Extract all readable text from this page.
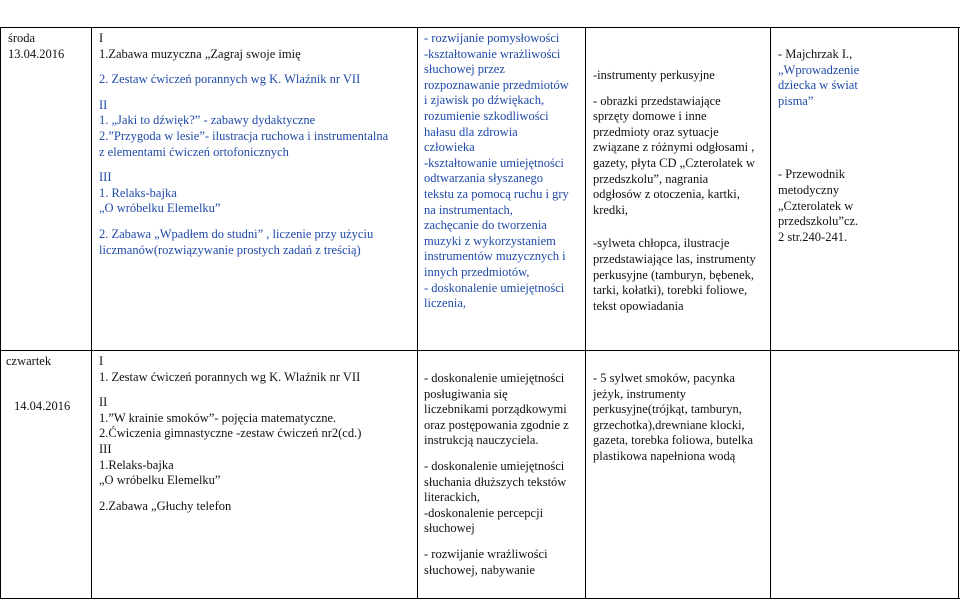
środa
13.04.2016
I
1.Zabawa muzyczna „Zagraj swoje imię
2. Zestaw ćwiczeń porannych wg K. Wlaźnik nr VII
II
1. „Jaki to dźwięk?” - zabawy dydaktyczne
2.”Przygoda w lesie”- ilustracja ruchowa i instrumentalna
z elementami ćwiczeń ortofonicznych
III
1. Relaks-bajka
„O wróbelku Elemelku”
2. Zabawa „Wpadłem do studni” , liczenie przy użyciu
liczmanów(rozwiązywanie prostych zadań z treścią)
- rozwijanie pomysłowości
-kształtowanie wrażliwości
słuchowej przez
rozpoznawanie przedmiotów
i zjawisk po dźwiękach,
rozumienie szkodliwości
hałasu dla zdrowia
człowieka
-kształtowanie umiejętności
odtwarzania słyszanego
tekstu za pomocą ruchu i gry
na instrumentach,
zachęcanie do tworzenia
muzyki z wykorzystaniem
instrumentów muzycznych i
innych przedmiotów,
- doskonalenie umiejętności
liczenia,
-instrumenty perkusyjne
- obrazki przedstawiające
sprzęty domowe i inne
przedmioty oraz sytuacje
związane z różnymi odgłosami ,
gazety, płyta CD „Czterolatek w
przedszkolu”, nagrania
odgłosów z otoczenia, kartki,
kredki,
-sylweta chłopca, ilustracje
przedstawiające las, instrumenty
perkusyjne (tamburyn, bębenek,
tarki, kołatki), torebki foliowe,
tekst opowiadania
- Majchrzak I.,
„Wprowadzenie
dziecka w świat
pisma”
- Przewodnik
metodyczny
„Czterolatek w
przedszkolu”cz.
2 str.240-241.
czwartek
14.04.2016
I
1. Zestaw ćwiczeń porannych wg K. Wlaźnik nr VII
II
1.”W krainie smoków”- pojęcia matematyczne.
2.Ćwiczenia gimnastyczne -zestaw ćwiczeń nr2(cd.)
III
1.Relaks-bajka
„O wróbelku Elemelku”
2.Zabawa „Głuchy telefon
- doskonalenie umiejętności
posługiwania się
liczebnikami porządkowymi
oraz postępowania zgodnie z
instrukcją nauczyciela.
- doskonalenie umiejętności
słuchania dłuższych tekstów
literackich,
-doskonalenie percepcji
słuchowej
- rozwijanie wrażliwości
słuchowej, nabywanie
- 5 sylwet smoków, pacynka
jeżyk, instrumenty
perkusyjne(trójkąt, tamburyn,
grzechotka),drewniane klocki,
gazeta, torebka foliowa, butelka
plastikowa napełniona wodą
